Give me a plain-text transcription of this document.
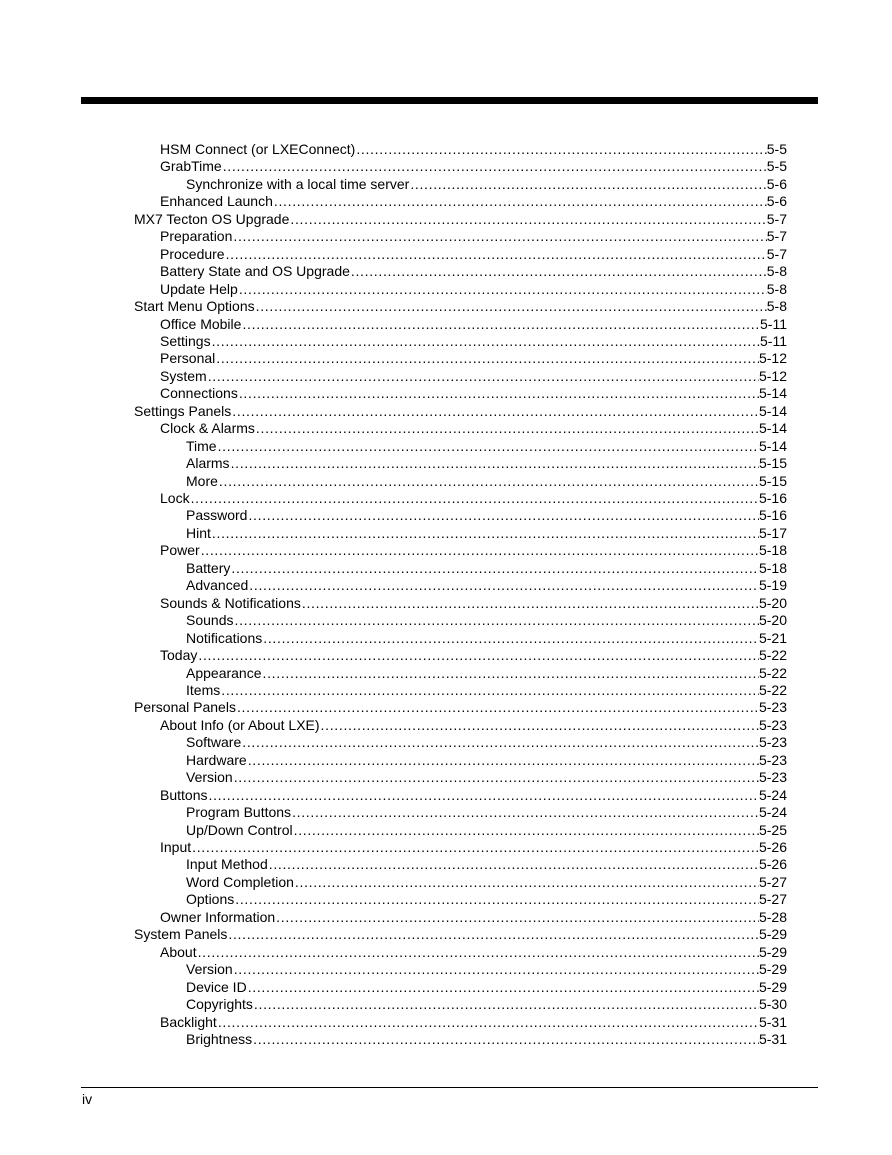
HSM Connect (or LXEConnect) . . .	5-5
GrabTime . . .	5-5
Synchronize with a local time server . . .	5-6
Enhanced Launch . . .	5-6
MX7 Tecton OS Upgrade . . .	5-7
Preparation . . .	5-7
Procedure . . .	5-7
Battery State and OS Upgrade . . .	5-8
Update Help . . .	5-8
Start Menu Options . . .	5-8
Office Mobile . . .	5-11
Settings . . .	5-11
Personal . . .	5-12
System . . .	5-12
Connections . . .	5-14
Settings Panels . . .	5-14
Clock & Alarms . . .	5-14
Time . . .	5-14
Alarms . . .	5-15
More . . .	5-15
Lock . . .	5-16
Password . . .	5-16
Hint . . .	5-17
Power . . .	5-18
Battery . . .	5-18
Advanced . . .	5-19
Sounds & Notifications . . .	5-20
Sounds . . .	5-20
Notifications . . .	5-21
Today . . .	5-22
Appearance . . .	5-22
Items . . .	5-22
Personal Panels . . .	5-23
About Info (or About LXE) . . .	5-23
Software . . .	5-23
Hardware . . .	5-23
Version . . .	5-23
Buttons . . .	5-24
Program Buttons . . .	5-24
Up/Down Control . . .	5-25
Input . . .	5-26
Input Method . . .	5-26
Word Completion . . .	5-27
Options . . .	5-27
Owner Information . . .	5-28
System Panels . . .	5-29
About . . .	5-29
Version . . .	5-29
Device ID . . .	5-29
Copyrights . . .	5-30
Backlight . . .	5-31
Brightness . . .	5-31
iv
